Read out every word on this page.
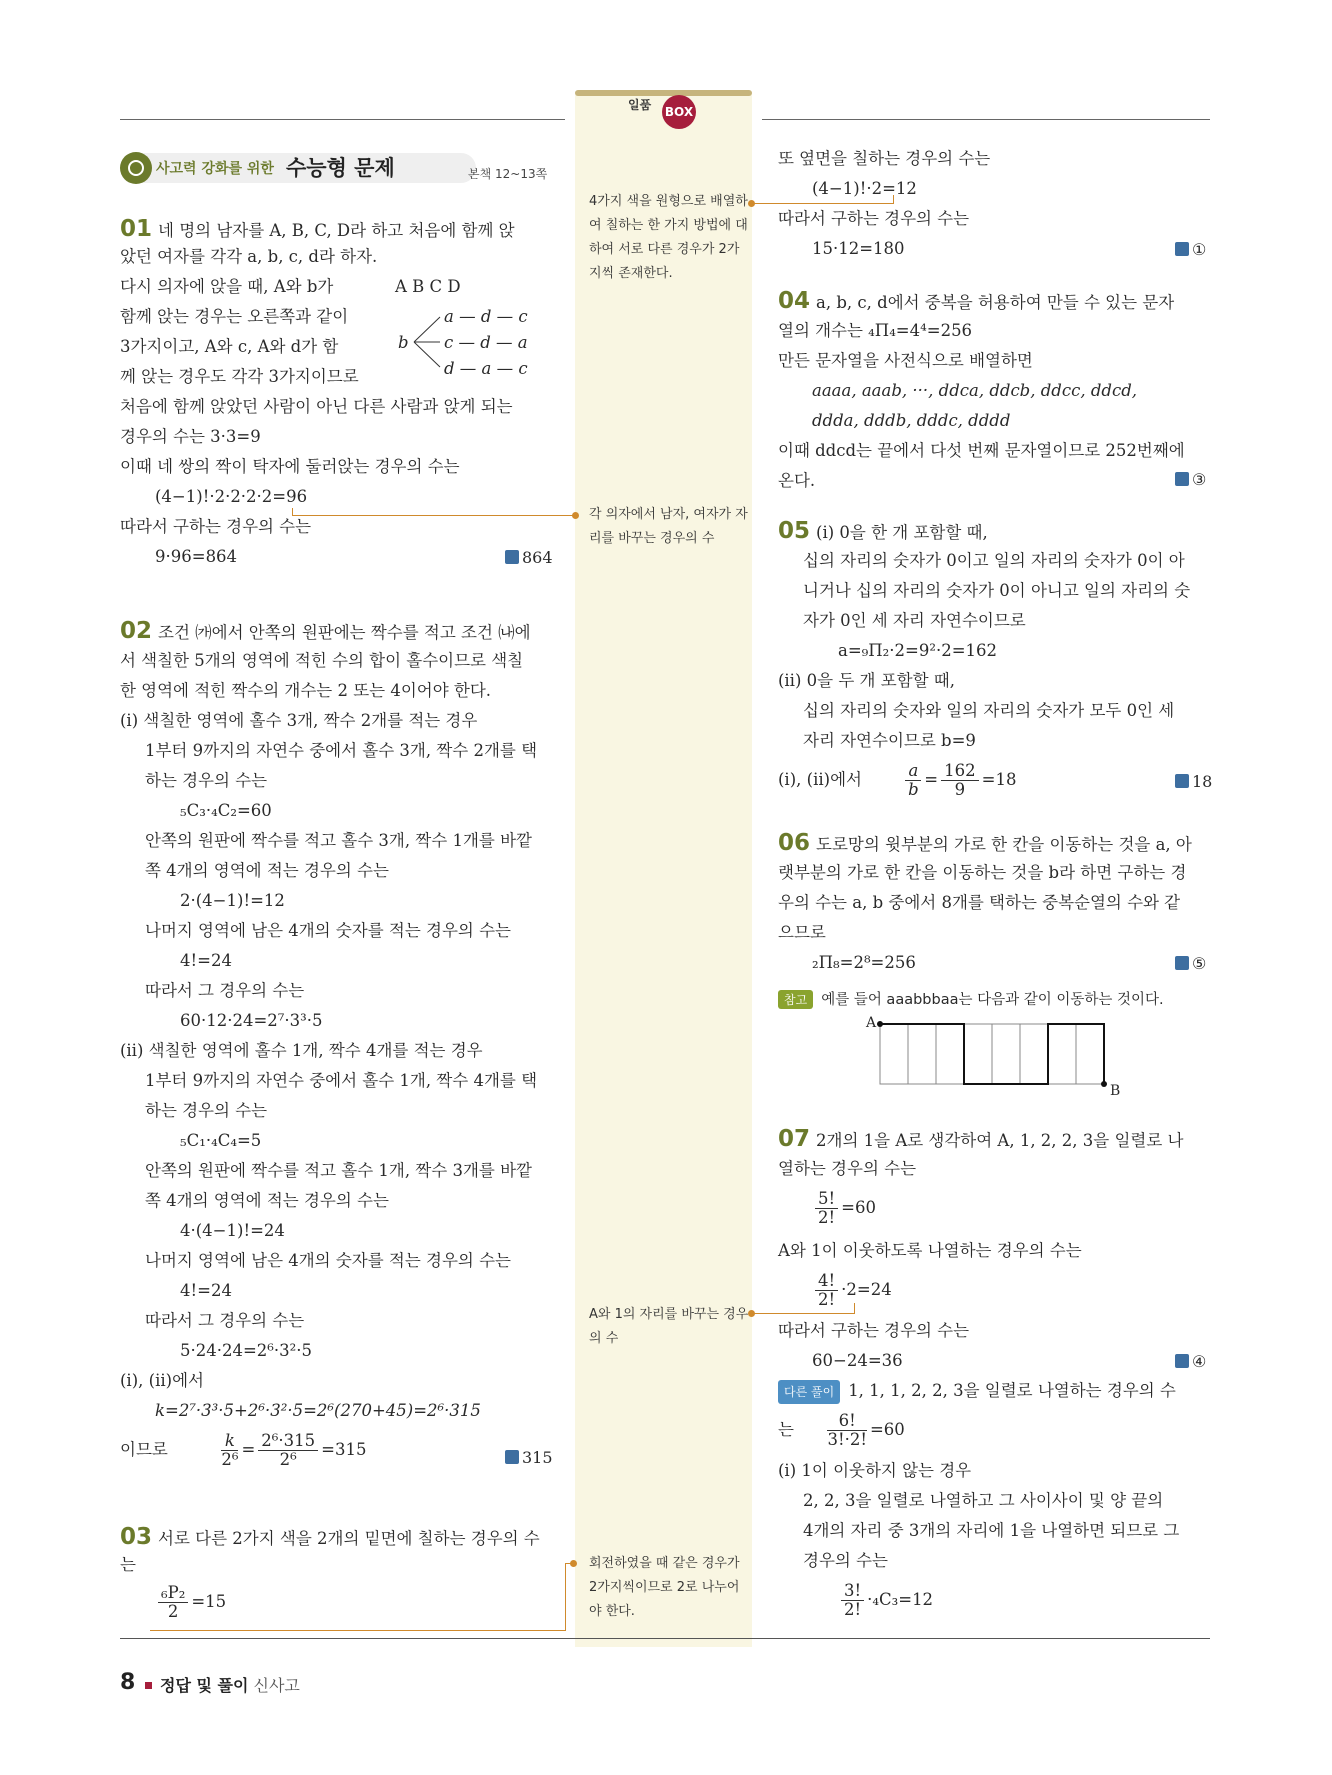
일품 BOX
4가지 색을 원형으로 배열하여 칠하는 한 가지 방법에 대하여 서로 다른 경우가 2가지씩 존재한다.
각 의자에서 남자, 여자가 자리를 바꾸는 경우의 수
A와 1의 자리를 바꾸는 경우의 수
회전하였을 때 같은 경우가 2가지씩이므로 2로 나누어야 한다.
사고력 강화를 위한 수능형 문제	본책 12~13쪽
01 네 명의 남자를 A, B, C, D라 하고 처음에 함께 앉
았던 여자를 각각 a, b, c, d라 하자.
다시 의자에 앉을 때, A와 b가
함께 앉는 경우는 오른쪽과 같이
3가지이고, A와 c, A와 d가 함
께 앉는 경우도 각각 3가지이므로
A B C D
b
a — d — c
c — d — a
d — a — c
처음에 함께 앉았던 사람이 아닌 다른 사람과 앉게 되는
경우의 수는 3·3=9
이때 네 쌍의 짝이 탁자에 둘러앉는 경우의 수는
(4−1)!·2·2·2·2=96
따라서 구하는 경우의 수는
9·96=864	864
02 조건 ㈎에서 안쪽의 원판에는 짝수를 적고 조건 ㈏에
서 색칠한 5개의 영역에 적힌 수의 합이 홀수이므로 색칠
한 영역에 적힌 짝수의 개수는 2 또는 4이어야 한다.
(ⅰ) 색칠한 영역에 홀수 3개, 짝수 2개를 적는 경우
1부터 9까지의 자연수 중에서 홀수 3개, 짝수 2개를 택
하는 경우의 수는
₅C₃·₄C₂=60
안쪽의 원판에 짝수를 적고 홀수 3개, 짝수 1개를 바깥
쪽 4개의 영역에 적는 경우의 수는
2·(4−1)!=12
나머지 영역에 남은 4개의 숫자를 적는 경우의 수는
4!=24
따라서 그 경우의 수는
60·12·24=2⁷·3³·5
(ⅱ) 색칠한 영역에 홀수 1개, 짝수 4개를 적는 경우
1부터 9까지의 자연수 중에서 홀수 1개, 짝수 4개를 택
하는 경우의 수는
₅C₁·₄C₄=5
안쪽의 원판에 짝수를 적고 홀수 1개, 짝수 3개를 바깥
쪽 4개의 영역에 적는 경우의 수는
4·(4−1)!=24
나머지 영역에 남은 4개의 숫자를 적는 경우의 수는
4!=24
따라서 그 경우의 수는
5·24·24=2⁶·3²·5
(ⅰ), (ⅱ)에서
k=2⁷·3³·5+2⁶·3²·5=2⁶(270+45)=2⁶·315
이므로	$\frac{k}{\text{2⁶}} = \frac{\text{2⁶·315}}{\text{2⁶}} =315$	315
03 서로 다른 2가지 색을 2개의 밑면에 칠하는 경우의 수
는
$\frac{\text{₆P₂}}{2} =15$
또 옆면을 칠하는 경우의 수는
(4−1)!·2=12
따라서 구하는 경우의 수는
15·12=180	①
04 a, b, c, d에서 중복을 허용하여 만들 수 있는 문자
열의 개수는 ₄Π₄=4⁴=256
만든 문자열을 사전식으로 배열하면
aaaa, aaab, ···, ddca, ddcb, ddcc, ddcd,
ddda, dddb, dddc, dddd
이때 ddcd는 끝에서 다섯 번째 문자열이므로 252번째에
온다.	③
05 (ⅰ) 0을 한 개 포함할 때,
십의 자리의 숫자가 0이고 일의 자리의 숫자가 0이 아
니거나 십의 자리의 숫자가 0이 아니고 일의 자리의 숫
자가 0인 세 자리 자연수이므로
a=₉Π₂·2=9²·2=162
(ⅱ) 0을 두 개 포함할 때,
십의 자리의 숫자와 일의 자리의 숫자가 모두 0인 세
자리 자연수이므로 b=9
(ⅰ), (ⅱ)에서	$\frac{a}{b} = \frac{162}{9} =18$	18
06 도로망의 윗부분의 가로 한 칸을 이동하는 것을 a, 아
랫부분의 가로 한 칸을 이동하는 것을 b라 하면 구하는 경
우의 수는 a, b 중에서 8개를 택하는 중복순열의 수와 같
으므로
₂Π₈=2⁸=256	⑤
참고 예를 들어 aaabbbaa는 다음과 같이 이동하는 것이다.
A
B
07 2개의 1을 A로 생각하여 A, 1, 2, 2, 3을 일렬로 나
열하는 경우의 수는
$\frac{5!}{2!} =60$
A와 1이 이웃하도록 나열하는 경우의 수는
$\frac{4!}{2!} \cdot 2=24$
따라서 구하는 경우의 수는
60−24=36	④
다른 풀이 1, 1, 1, 2, 2, 3을 일렬로 나열하는 경우의 수
는 $\frac{6!}{3!\cdot 2!} =60$
(ⅰ) 1이 이웃하지 않는 경우
2, 2, 3을 일렬로 나열하고 그 사이사이 및 양 끝의
4개의 자리 중 3개의 자리에 1을 나열하면 되므로 그
경우의 수는
$\frac{3!}{2!} \cdot_4C_3=12$
8 정답 및 풀이 신사고
